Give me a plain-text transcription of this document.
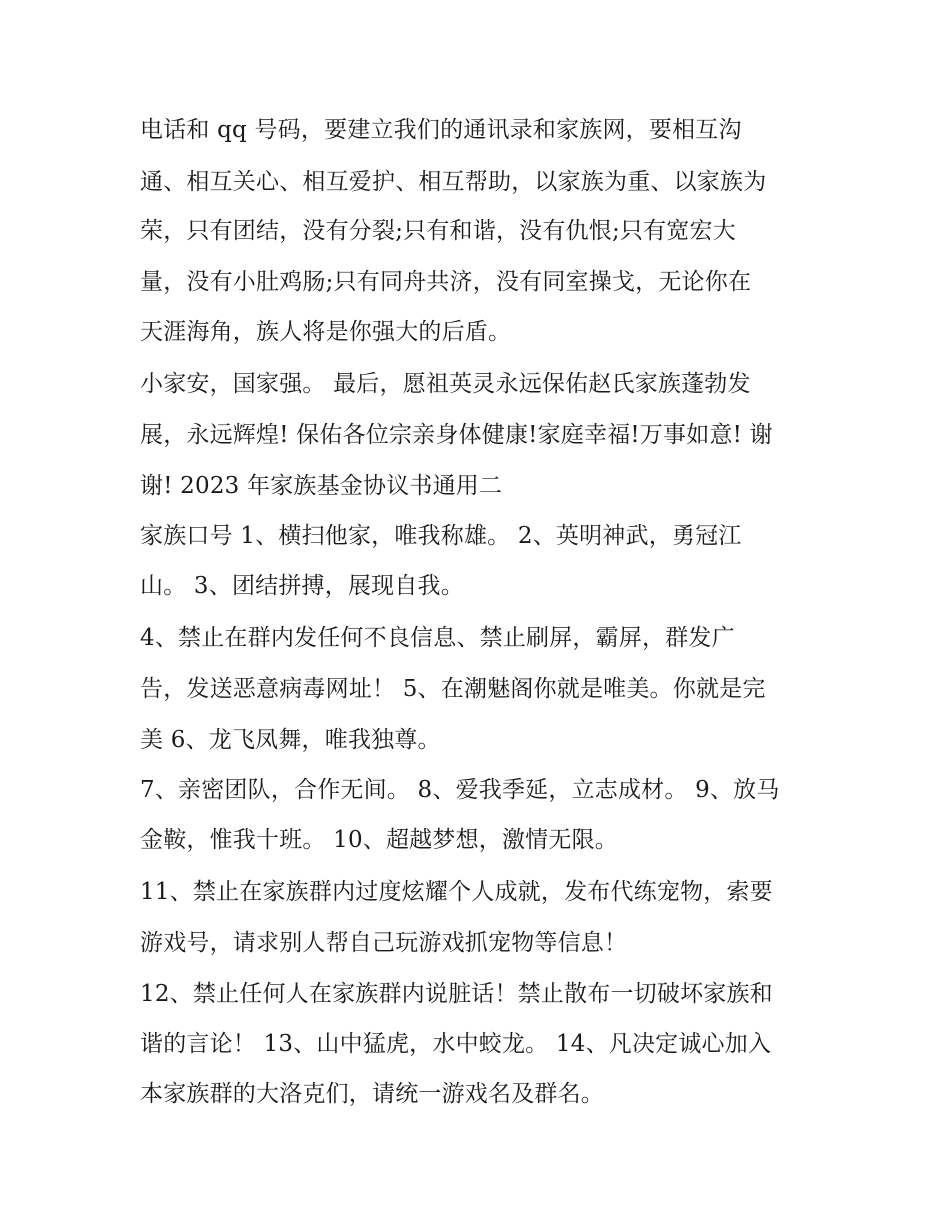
电话和 qq 号码，要建立我们的通讯录和家族网，要相互沟

通、相互关心、相互爱护、相互帮助，以家族为重、以家族为

荣，只有团结，没有分裂;只有和谐，没有仇恨;只有宽宏大

量，没有小肚鸡肠;只有同舟共济，没有同室操戈，无论你在

天涯海角，族人将是你强大的后盾。

小家安，国家强。 最后，愿祖英灵永远保佑赵氏家族蓬勃发

展，永远辉煌! 保佑各位宗亲身体健康!家庭幸福!万事如意! 谢

谢! 2023 年家族基金协议书通用二

家族口号 1、横扫他家，唯我称雄。 2、英明神武，勇冠江

山。 3、团结拼搏，展现自我。

4、禁止在群内发任何不良信息、禁止刷屏，霸屏，群发广

告，发送恶意病毒网址！ 5、在潮魅阁你就是唯美。你就是完

美 6、龙飞凤舞，唯我独尊。

7、亲密团队，合作无间。 8、爱我季延，立志成材。 9、放马

金鞍，惟我十班。 10、超越梦想，激情无限。

11、禁止在家族群内过度炫耀个人成就，发布代练宠物，索要

游戏号，请求别人帮自己玩游戏抓宠物等信息！

12、禁止任何人在家族群内说脏话！禁止散布一切破坏家族和

谐的言论！ 13、山中猛虎，水中蛟龙。 14、凡决定诚心加入

本家族群的大洛克们，请统一游戏名及群名。
